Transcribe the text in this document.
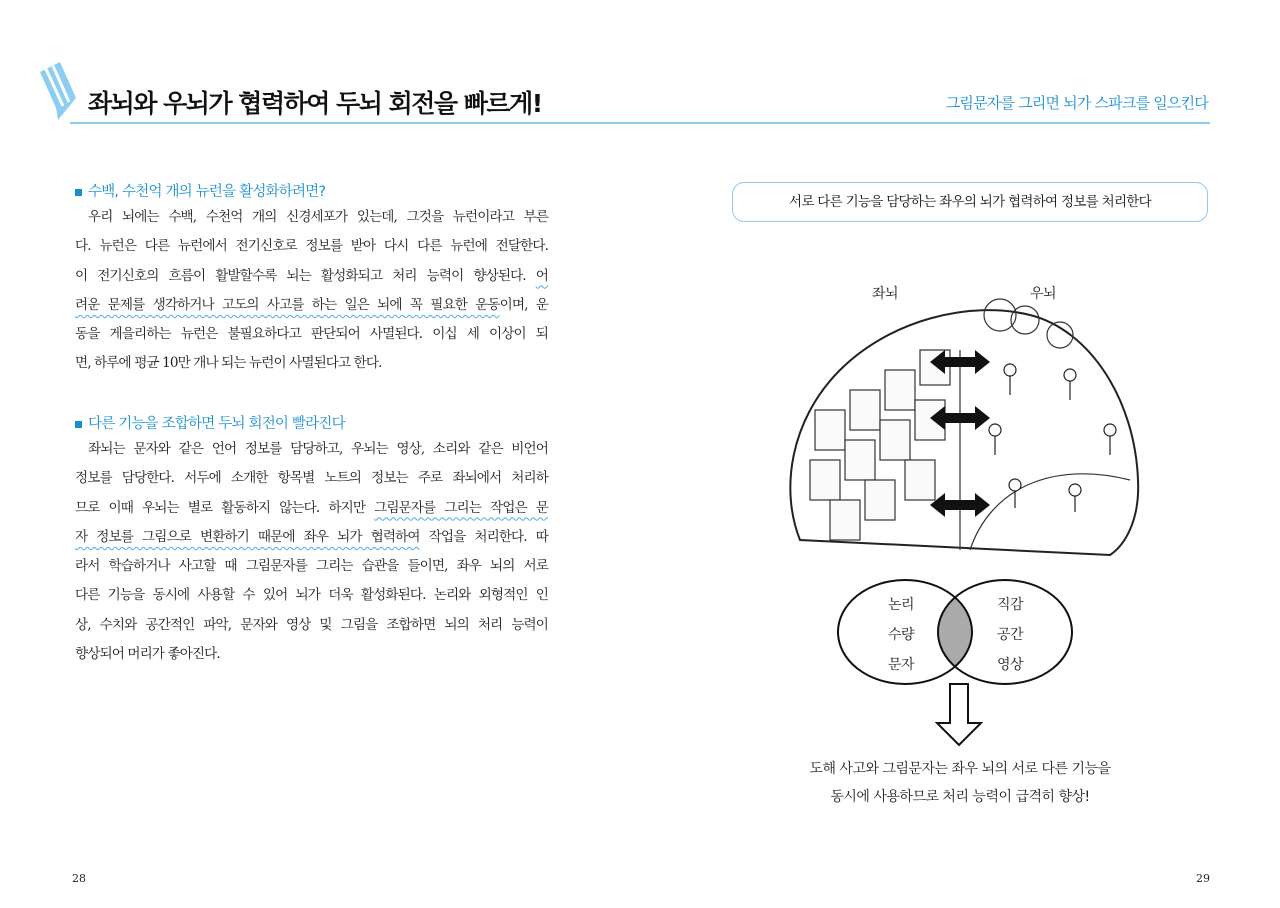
좌뇌와 우뇌가 협력하여 두뇌 회전을 빠르게!	그림문자를 그리면 뇌가 스파크를 일으킨다
수백, 수천억 개의 뉴런을 활성화하려면?
우리 뇌에는 수백, 수천억 개의 신경세포가 있는데, 그것을 뉴런이라고 부른
다. 뉴런은 다른 뉴런에서 전기신호로 정보를 받아 다시 다른 뉴런에 전달한다.
이 전기신호의 흐름이 활발할수록 뇌는 활성화되고 처리 능력이 향상된다. 어
려운 문제를 생각하거나 고도의 사고를 하는 일은 뇌에 꼭 필요한 운동이며, 운
동을 게을리하는 뉴런은 불필요하다고 판단되어 사멸된다. 이십 세 이상이 되
면, 하루에 평균 10만 개나 되는 뉴런이 사멸된다고 한다.
다른 기능을 조합하면 두뇌 회전이 빨라진다
좌뇌는 문자와 같은 언어 정보를 담당하고, 우뇌는 영상, 소리와 같은 비언어
정보를 담당한다. 서두에 소개한 항목별 노트의 정보는 주로 좌뇌에서 처리하
므로 이때 우뇌는 별로 활동하지 않는다. 하지만 그림문자를 그리는 작업은 문
자 정보를 그림으로 변환하기 때문에 좌우 뇌가 협력하여 작업을 처리한다. 따
라서 학습하거나 사고할 때 그림문자를 그리는 습관을 들이면, 좌우 뇌의 서로
다른 기능을 동시에 사용할 수 있어 뇌가 더욱 활성화된다. 논리와 외형적인 인
상, 수치와 공간적인 파악, 문자와 영상 및 그림을 조합하면 뇌의 처리 능력이
향상되어 머리가 좋아진다.
서로 다른 기능을 담당하는 좌우의 뇌가 협력하여 정보를 처리한다
좌뇌	우뇌
논리
수량
문자
직감
공간
영상
도해 사고와 그림문자는 좌우 뇌의 서로 다른 기능을
동시에 사용하므로 처리 능력이 급격히 향상!
28	29
